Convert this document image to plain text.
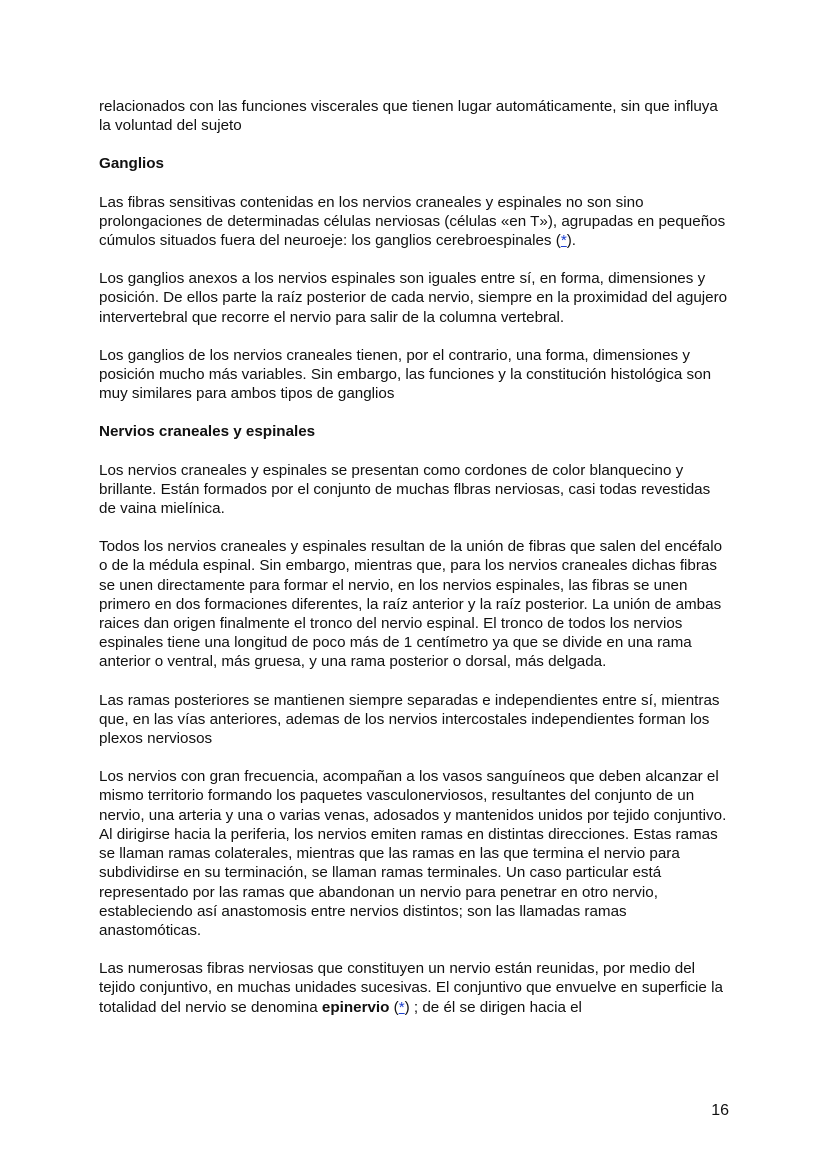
relacionados con las funciones viscerales que tienen lugar automáticamente, sin que influya la voluntad del sujeto

Ganglios

Las fibras sensitivas contenidas en los nervios craneales y espinales no son sino prolongaciones de determinadas células nerviosas (células «en T»), agrupadas en pequeños cúmulos situados fuera del neuroeje: los ganglios cerebroespinales (*).

Los ganglios anexos a los nervios espinales son iguales entre sí, en forma, dimensiones y posición. De ellos parte la raíz posterior de cada nervio, siempre en la proximidad del agujero intervertebral que recorre el nervio para salir de la columna vertebral.

Los ganglios de los nervios craneales tienen, por el contrario, una forma, dimensiones y posición mucho más variables. Sin embargo, las funciones y la constitución histológica son muy similares para ambos tipos de ganglios

Nervios craneales y espinales

Los nervios craneales y espinales se presentan como cordones de color blanquecino y brillante. Están formados por el conjunto de muchas flbras nerviosas, casi todas revestidas de vaina mielínica.

Todos los nervios craneales y espinales resultan de la unión de fibras que salen del encéfalo o de la médula espinal. Sin embargo, mientras que, para los nervios craneales dichas fibras se unen directamente para formar el nervio, en los nervios espinales, las fibras se unen primero en dos formaciones diferentes, la raíz anterior y la raíz posterior. La unión de ambas raices dan origen finalmente el tronco del nervio espinal. El tronco de todos los nervios espinales tiene una longitud de poco más de 1 centímetro ya que se divide en una rama anterior o ventral, más gruesa, y una rama posterior o dorsal, más delgada.

Las ramas posteriores se mantienen siempre separadas e independientes entre sí, mientras que, en las vías anteriores, ademas de los nervios intercostales independientes forman los plexos nerviosos

Los nervios con gran frecuencia, acompañan a los vasos sanguíneos que deben alcanzar el mismo territorio formando los paquetes vasculonerviosos, resultantes del conjunto de un nervio, una arteria y una o varias venas, adosados y mantenidos unidos por tejido conjuntivo. Al dirigirse hacia la periferia, los nervios emiten ramas en distintas direcciones. Estas ramas se llaman ramas colaterales, mientras que las ramas en las que termina el nervio para subdividirse en su terminación, se llaman ramas terminales. Un caso particular está representado por las ramas que abandonan un nervio para penetrar en otro nervio, estableciendo así anastomosis entre nervios distintos; son las llamadas ramas anastomóticas.

Las numerosas fibras nerviosas que constituyen un nervio están reunidas, por medio del tejido conjuntivo, en muchas unidades sucesivas. El conjuntivo que envuelve en superficie la totalidad del nervio se denomina epinervio (*) ; de él se dirigen hacia el

16
